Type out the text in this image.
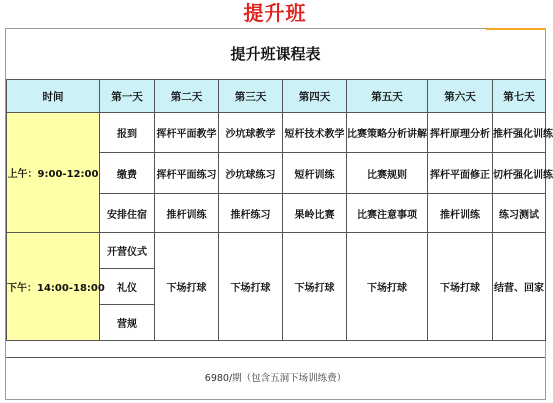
提升班
提升班课程表
时间	第一天	第二天	第三天	第四天	第五天	第六天	第七天
上午：9:00-12:00	报到	挥杆平面教学	沙坑球教学	短杆技术教学	比赛策略分析讲解	挥杆原理分析	推杆强化训练
	缴费	挥杆平面练习	沙坑球练习	短杆训练	比赛规则	挥杆平面修正	切杆强化训练
	安排住宿	推杆训练	推杆练习	果岭比赛	比赛注意事项	推杆训练	练习测试
下午：14:00-18:00	开营仪式	下场打球	下场打球	下场打球	下场打球	下场打球	结营、回家
	礼仪						
	营规						
6980/期（包含五洞下场训练费）
